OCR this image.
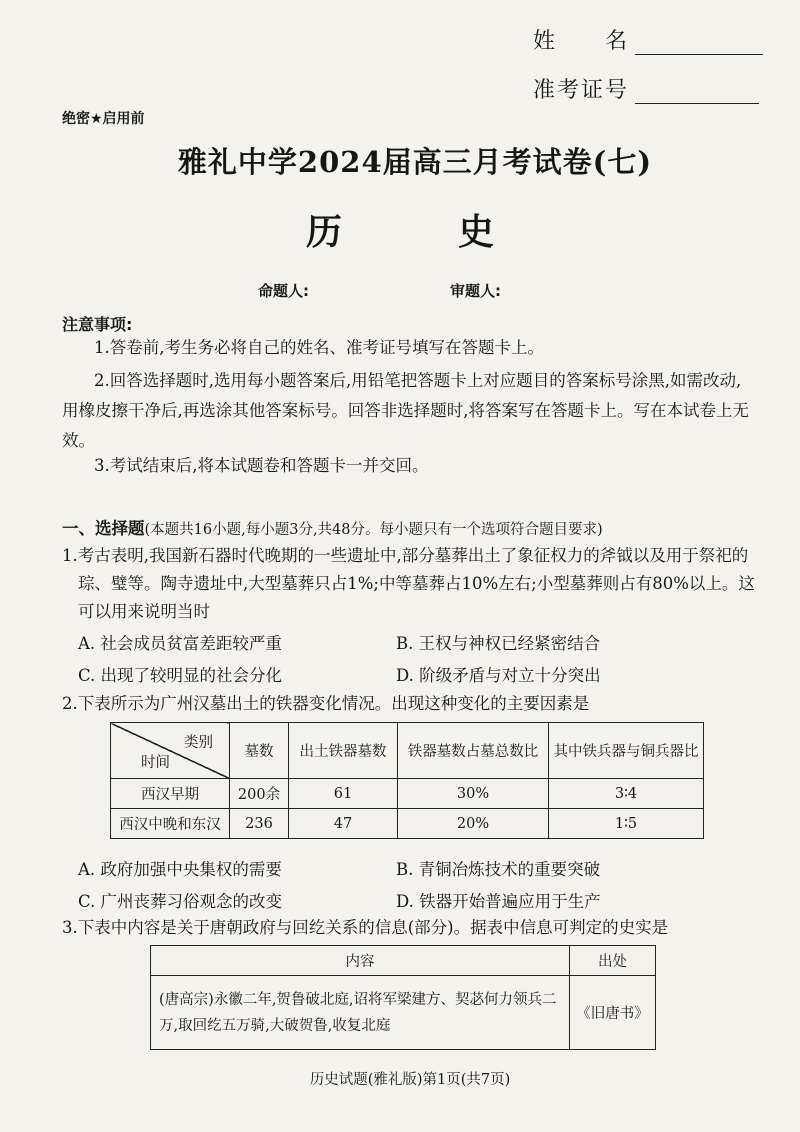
姓　　名
准考证号
绝密★启用前
雅礼中学2024届高三月考试卷(七)
历　史
命题人:	审题人:
注意事项:

1.答卷前,考生务必将自己的姓名、准考证号填写在答题卡上。

2.回答选择题时,选用每小题答案后,用铅笔把答题卡上对应题目的答案标号涂黑,如需改动,用橡皮擦干净后,再选涂其他答案标号。回答非选择题时,将答案写在答题卡上。写在本试卷上无效。

3.考试结束后,将本试题卷和答题卡一并交回。

一、选择题(本题共16小题,每小题3分,共48分。每小题只有一个选项符合题目要求)

1.考古表明,我国新石器时代晚期的一些遗址中,部分墓葬出土了象征权力的斧钺以及用于祭祀的琮、璧等。陶寺遗址中,大型墓葬只占1%;中等墓葬占10%左右;小型墓葬则占有80%以上。这可以用来说明当时

A. 社会成员贫富差距较严重	B. 王权与神权已经紧密结合
C. 出现了较明显的社会分化	D. 阶级矛盾与对立十分突出
2.下表所示为广州汉墓出土的铁器变化情况。出现这种变化的主要因素是
类别
时间	墓数	出土铁器墓数	铁器墓数占墓总数比	其中铁兵器与铜兵器比
西汉早期	200余	61	30%	3∶4
西汉中晚和东汉	236	47	20%	1∶5
A. 政府加强中央集权的需要	B. 青铜冶炼技术的重要突破
C. 广州丧葬习俗观念的改变	D. 铁器开始普遍应用于生产
3.下表中内容是关于唐朝政府与回纥关系的信息(部分)。据表中信息可判定的史实是
内容	出处
(唐高宗)永徽二年,贺鲁破北庭,诏将军梁建方、契苾何力领兵二万,取回纥五万骑,大破贺鲁,收复北庭	《旧唐书》
历史试题(雅礼版)第1页(共7页)
